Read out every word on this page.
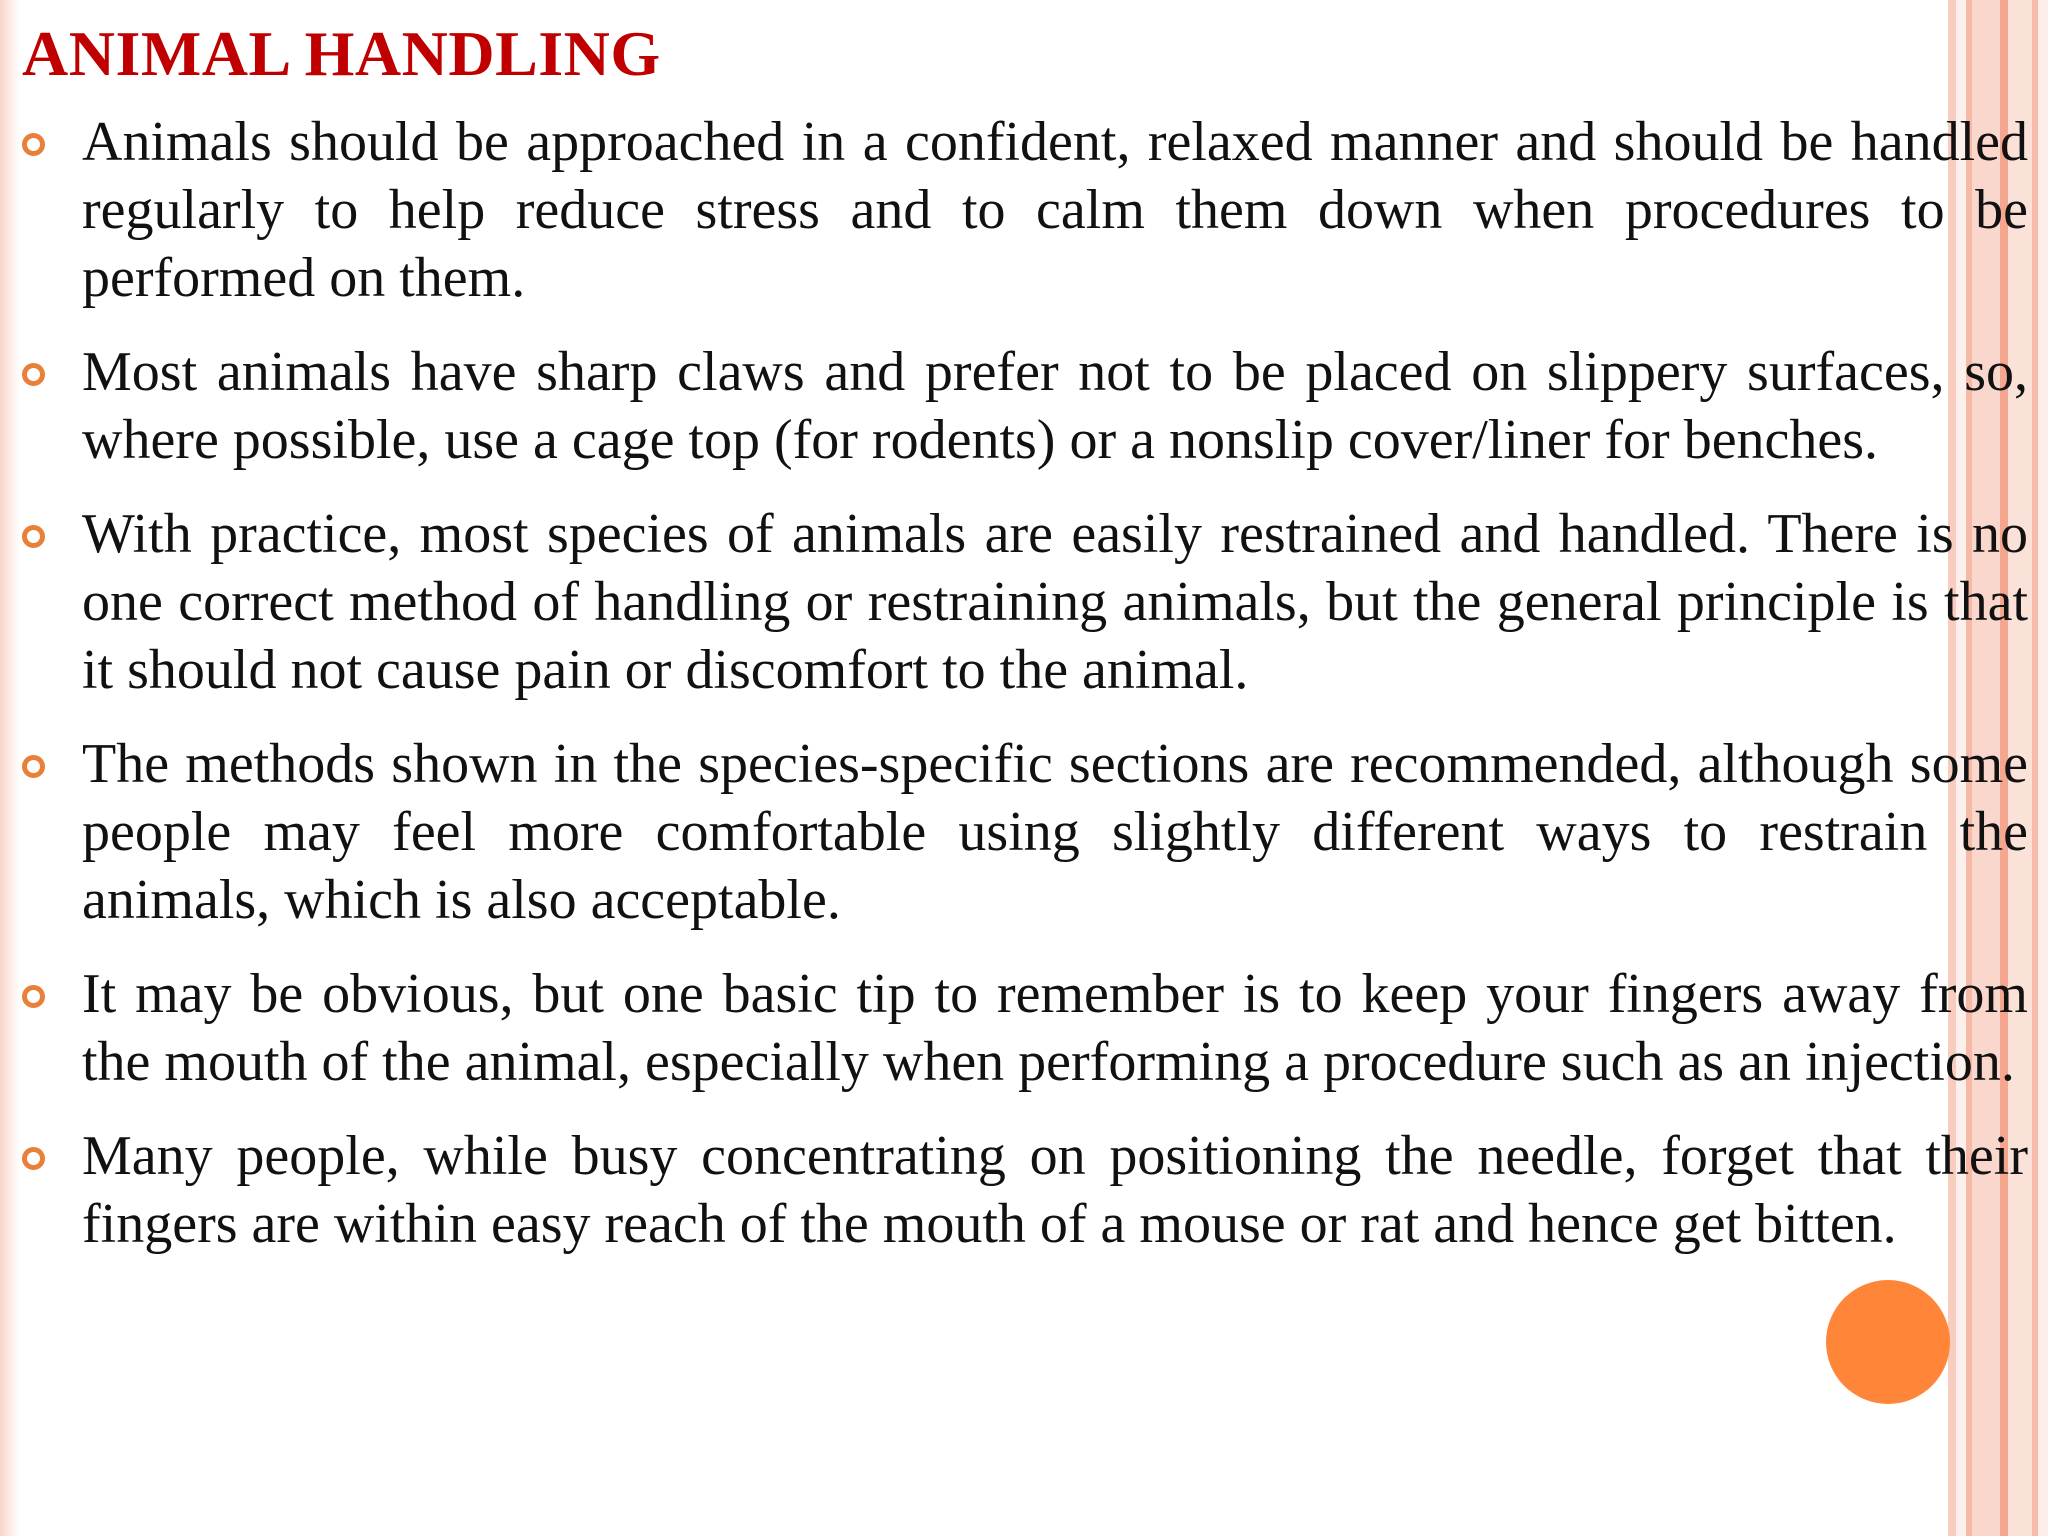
ANIMAL HANDLING
Animals should be approached in a confident, relaxed manner and should be handled regularly to help reduce stress and to calm them down when procedures to be performed on them.
Most animals have sharp claws and prefer not to be placed on slippery surfaces, so, where possible, use a cage top (for rodents) or a nonslip cover/liner for benches.
With practice, most species of animals are easily restrained and handled. There is no one correct method of handling or restraining animals, but the general principle is that it should not cause pain or discomfort to the animal.
The methods shown in the species-specific sections are recommended, although some people may feel more comfortable using slightly different ways to restrain the animals, which is also acceptable.
It may be obvious, but one basic tip to remember is to keep your fingers away from the mouth of the animal, especially when performing a procedure such as an injection.
Many people, while busy concentrating on positioning the needle, forget that their fingers are within easy reach of the mouth of a mouse or rat and hence get bitten.
